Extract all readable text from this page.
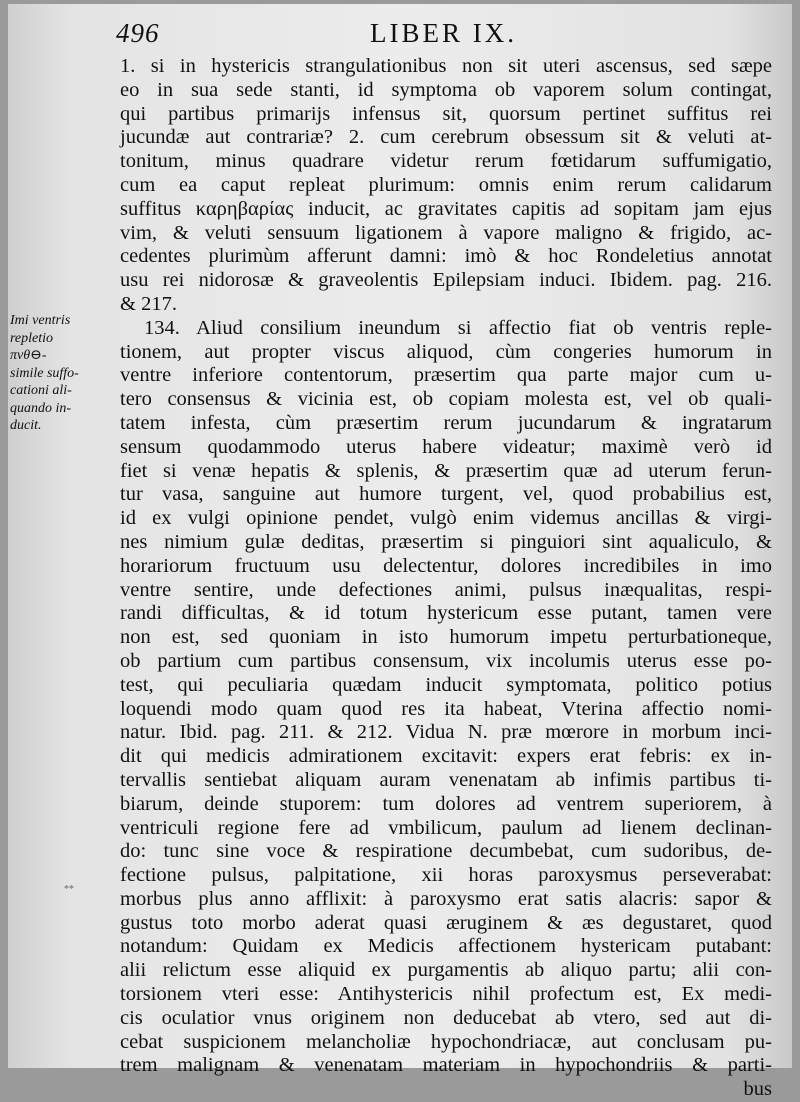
496	LIBER IX.
Imi ventris
repletio
πνθ⊖-
simile suffo-
cationi ali-
quando in-
ducit.
**
1. si in hystericis strangulationibus non sit uteri ascensus, sed sæpe
eo in sua sede stanti, id symptoma ob vaporem solum contingat,
qui partibus primarijs infensus sit, quorsum pertinet suffitus rei
jucundæ aut contrariæ? 2. cum cerebrum obsessum sit & veluti at-
tonitum, minus quadrare videtur rerum fœtidarum suffumigatio,
cum ea caput repleat plurimum: omnis enim rerum calidarum
suffitus καρηβαρίας inducit, ac gravitates capitis ad sopitam jam ejus
vim, & veluti sensuum ligationem à vapore maligno & frigido, ac-
cedentes plurimùm afferunt damni: imò & hoc Rondeletius annotat
usu rei nidorosæ & graveolentis Epilepsiam induci. Ibidem. pag. 216.
& 217.
134. Aliud consilium ineundum si affectio fiat ob ventris reple-
tionem, aut propter viscus aliquod, cùm congeries humorum in
ventre inferiore contentorum, præsertim qua parte major cum u-
tero consensus & vicinia est, ob copiam molesta est, vel ob quali-
tatem infesta, cùm præsertim rerum jucundarum & ingratarum
sensum quodammodo uterus habere videatur; maximè verò id
fiet si venæ hepatis & splenis, & præsertim quæ ad uterum ferun-
tur vasa, sanguine aut humore turgent, vel, quod probabilius est,
id ex vulgi opinione pendet, vulgò enim videmus ancillas & virgi-
nes nimium gulæ deditas, præsertim si pinguiori sint aqualiculo, &
horariorum fructuum usu delectentur, dolores incredibiles in imo
ventre sentire, unde defectiones animi, pulsus inæqualitas, respi-
randi difficultas, & id totum hystericum esse putant, tamen vere
non est, sed quoniam in isto humorum impetu perturbationeque,
ob partium cum partibus consensum, vix incolumis uterus esse po-
test, qui peculiaria quædam inducit symptomata, politico potius
loquendi modo quam quod res ita habeat, Vterina affectio nomi-
natur. Ibid. pag. 211. & 212. Vidua N. præ mœrore in morbum inci-
dit qui medicis admirationem excitavit: expers erat febris: ex in-
tervallis sentiebat aliquam auram venenatam ab infimis partibus ti-
biarum, deinde stuporem: tum dolores ad ventrem superiorem, à
ventriculi regione fere ad vmbilicum, paulum ad lienem declinan-
do: tunc sine voce & respiratione decumbebat, cum sudoribus, de-
fectione pulsus, palpitatione, xii horas paroxysmus perseverabat:
morbus plus anno afflixit: à paroxysmo erat satis alacris: sapor &
gustus toto morbo aderat quasi æruginem & æs degustaret, quod
notandum: Quidam ex Medicis affectionem hystericam putabant:
alii relictum esse aliquid ex purgamentis ab aliquo partu; alii con-
torsionem vteri esse: Antihystericis nihil profectum est, Ex medi-
cis oculatior vnus originem non deducebat ab vtero, sed aut di-
cebat suspicionem melancholiæ hypochondriacæ, aut conclusam pu-
trem malignam & venenatam materiam in hypochondriis & parti-
bus
